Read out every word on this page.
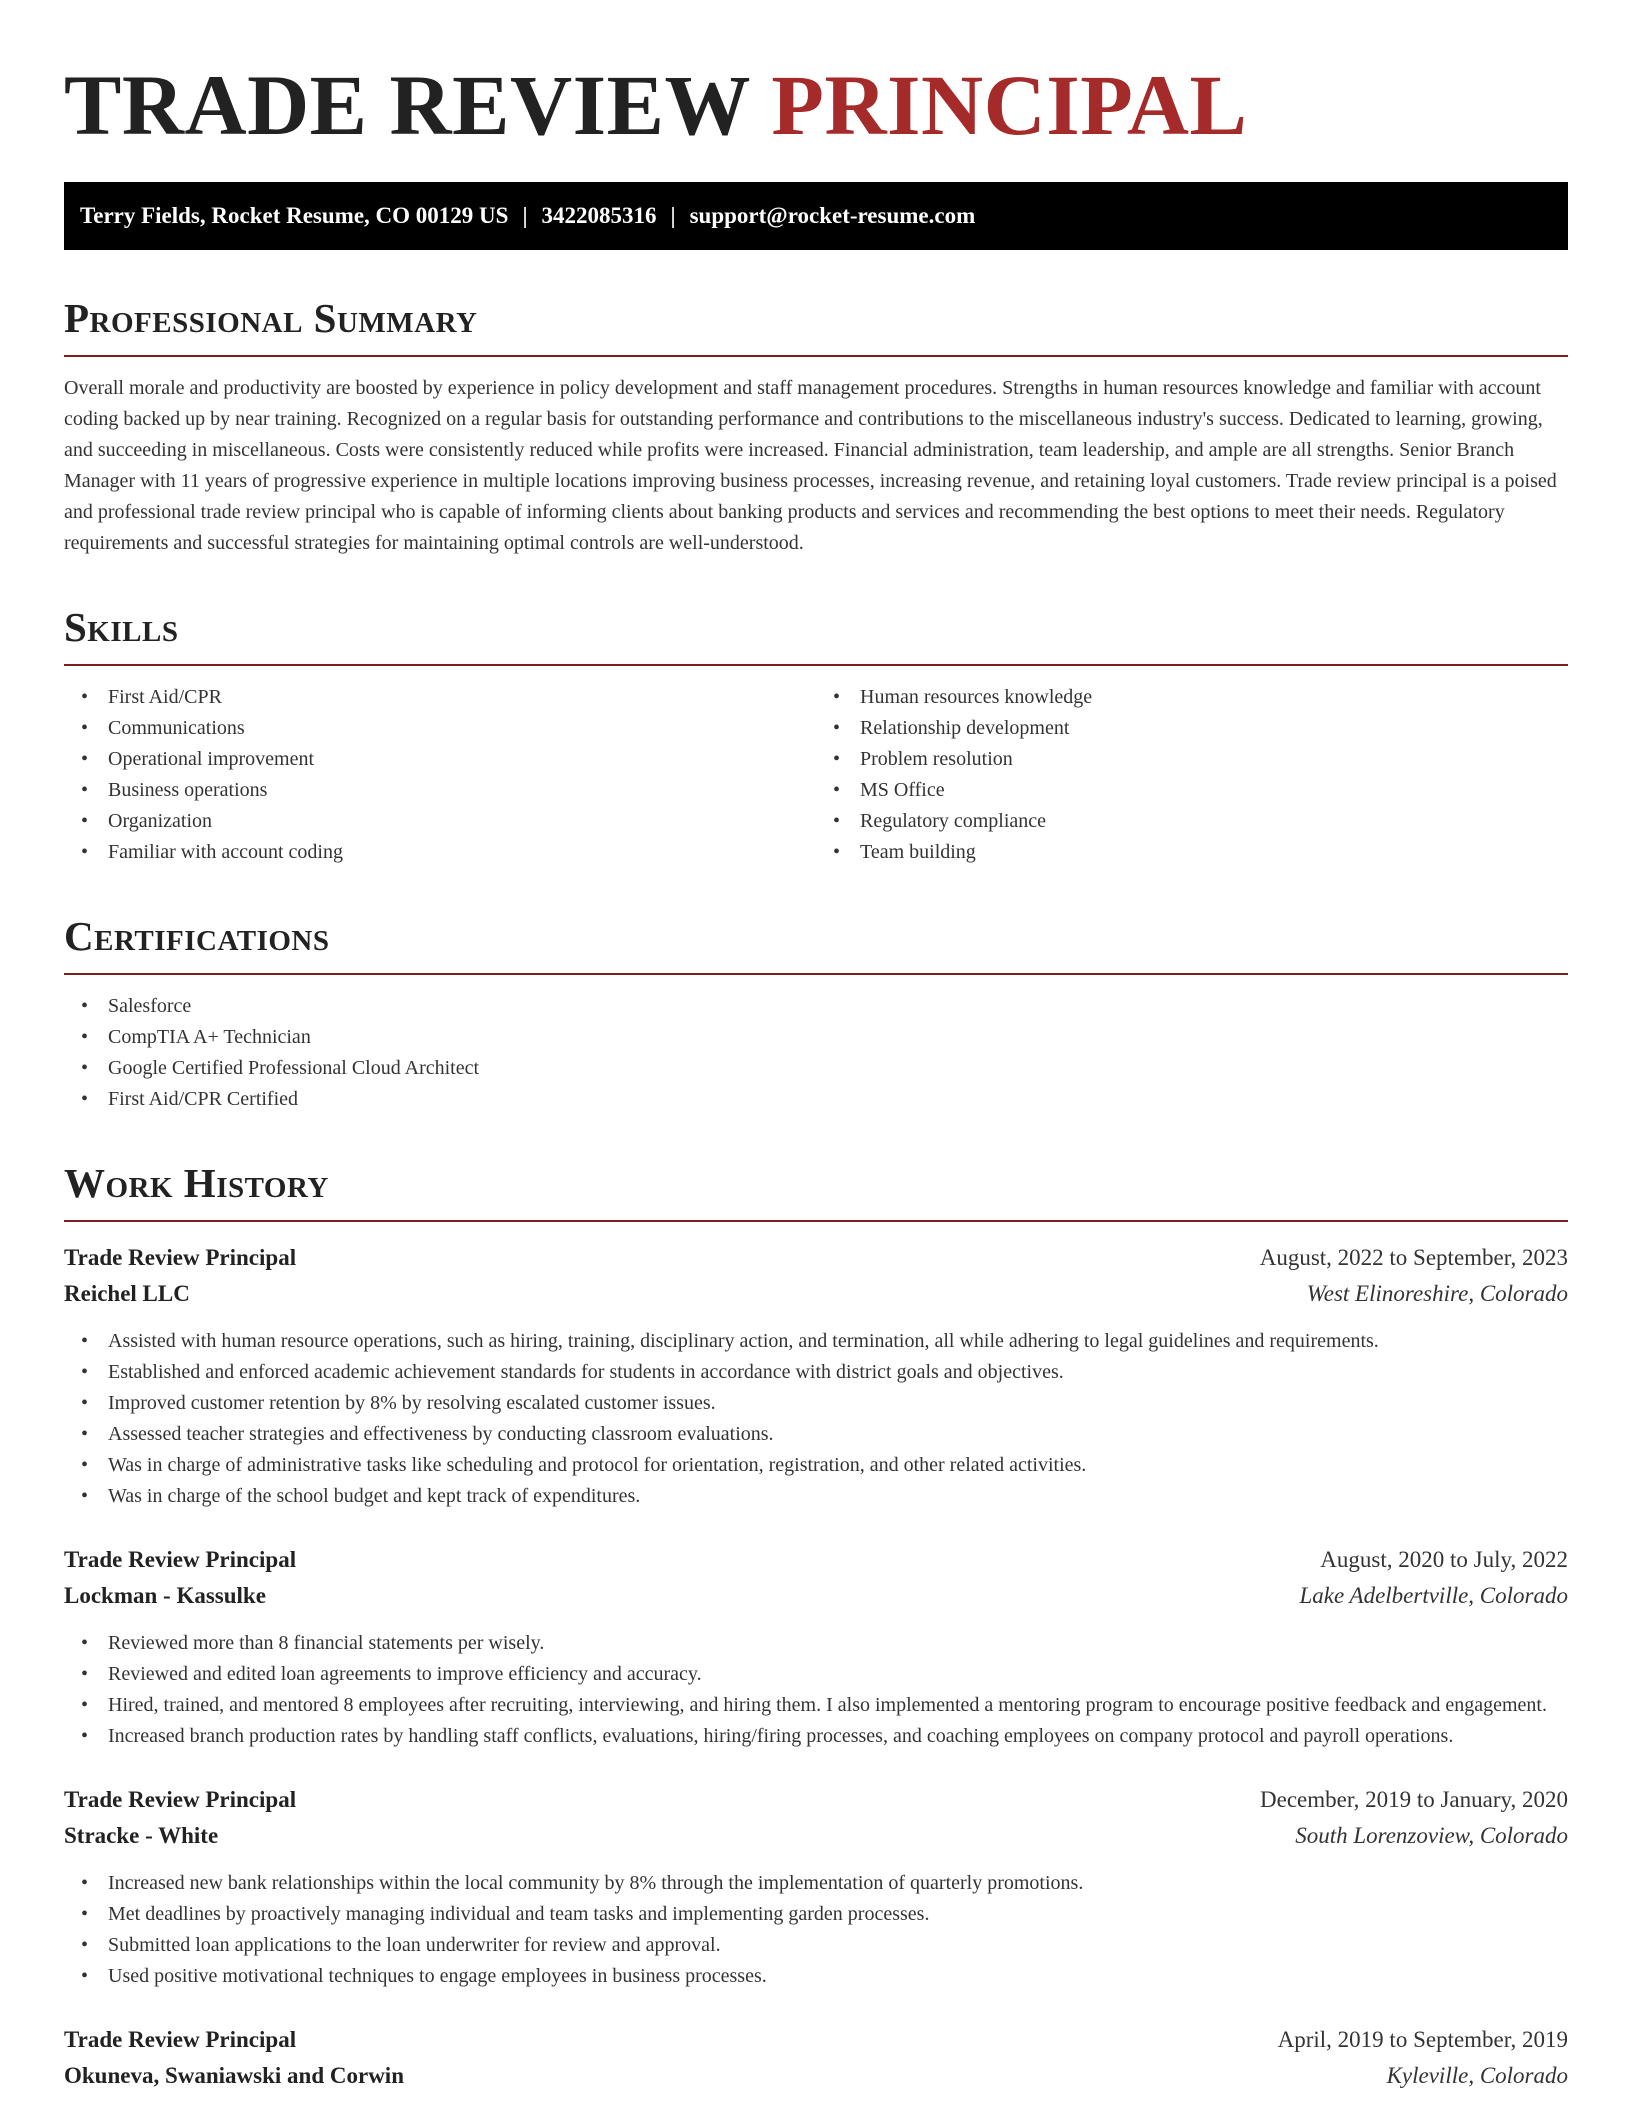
TRADE REVIEW PRINCIPAL
Terry Fields, Rocket Resume, CO 00129 US | 3422085316 | support@rocket-resume.com
Professional Summary

Overall morale and productivity are boosted by experience in policy development and staff management procedures. Strengths in human resources knowledge and familiar with account coding backed up by near training. Recognized on a regular basis for outstanding performance and contributions to the miscellaneous industry's success. Dedicated to learning, growing, and succeeding in miscellaneous. Costs were consistently reduced while profits were increased. Financial administration, team leadership, and ample are all strengths. Senior Branch Manager with 11 years of progressive experience in multiple locations improving business processes, increasing revenue, and retaining loyal customers. Trade review principal is a poised and professional trade review principal who is capable of informing clients about banking products and services and recommending the best options to meet their needs. Regulatory requirements and successful strategies for maintaining optimal controls are well-understood.

Skills
• First Aid/CPR
• Communications
• Operational improvement
• Business operations
• Organization
• Familiar with account coding
• Human resources knowledge
• Relationship development
• Problem resolution
• MS Office
• Regulatory compliance
• Team building
Certifications
• Salesforce
• CompTIA A+ Technician
• Google Certified Professional Cloud Architect
• First Aid/CPR Certified
Work History
Trade Review Principal	August, 2022 to September, 2023
Reichel LLC	West Elinoreshire, Colorado
• Assisted with human resource operations, such as hiring, training, disciplinary action, and termination, all while adhering to legal guidelines and requirements.
• Established and enforced academic achievement standards for students in accordance with district goals and objectives.
• Improved customer retention by 8% by resolving escalated customer issues.
• Assessed teacher strategies and effectiveness by conducting classroom evaluations.
• Was in charge of administrative tasks like scheduling and protocol for orientation, registration, and other related activities.
• Was in charge of the school budget and kept track of expenditures.
Trade Review Principal	August, 2020 to July, 2022
Lockman - Kassulke	Lake Adelbertville, Colorado
• Reviewed more than 8 financial statements per wisely.
• Reviewed and edited loan agreements to improve efficiency and accuracy.
• Hired, trained, and mentored 8 employees after recruiting, interviewing, and hiring them. I also implemented a mentoring program to encourage positive feedback and engagement.
• Increased branch production rates by handling staff conflicts, evaluations, hiring/firing processes, and coaching employees on company protocol and payroll operations.
Trade Review Principal	December, 2019 to January, 2020
Stracke - White	South Lorenzoview, Colorado
• Increased new bank relationships within the local community by 8% through the implementation of quarterly promotions.
• Met deadlines by proactively managing individual and team tasks and implementing garden processes.
• Submitted loan applications to the loan underwriter for review and approval.
• Used positive motivational techniques to engage employees in business processes.
Trade Review Principal	April, 2019 to September, 2019
Okuneva, Swaniawski and Corwin	Kyleville, Colorado
